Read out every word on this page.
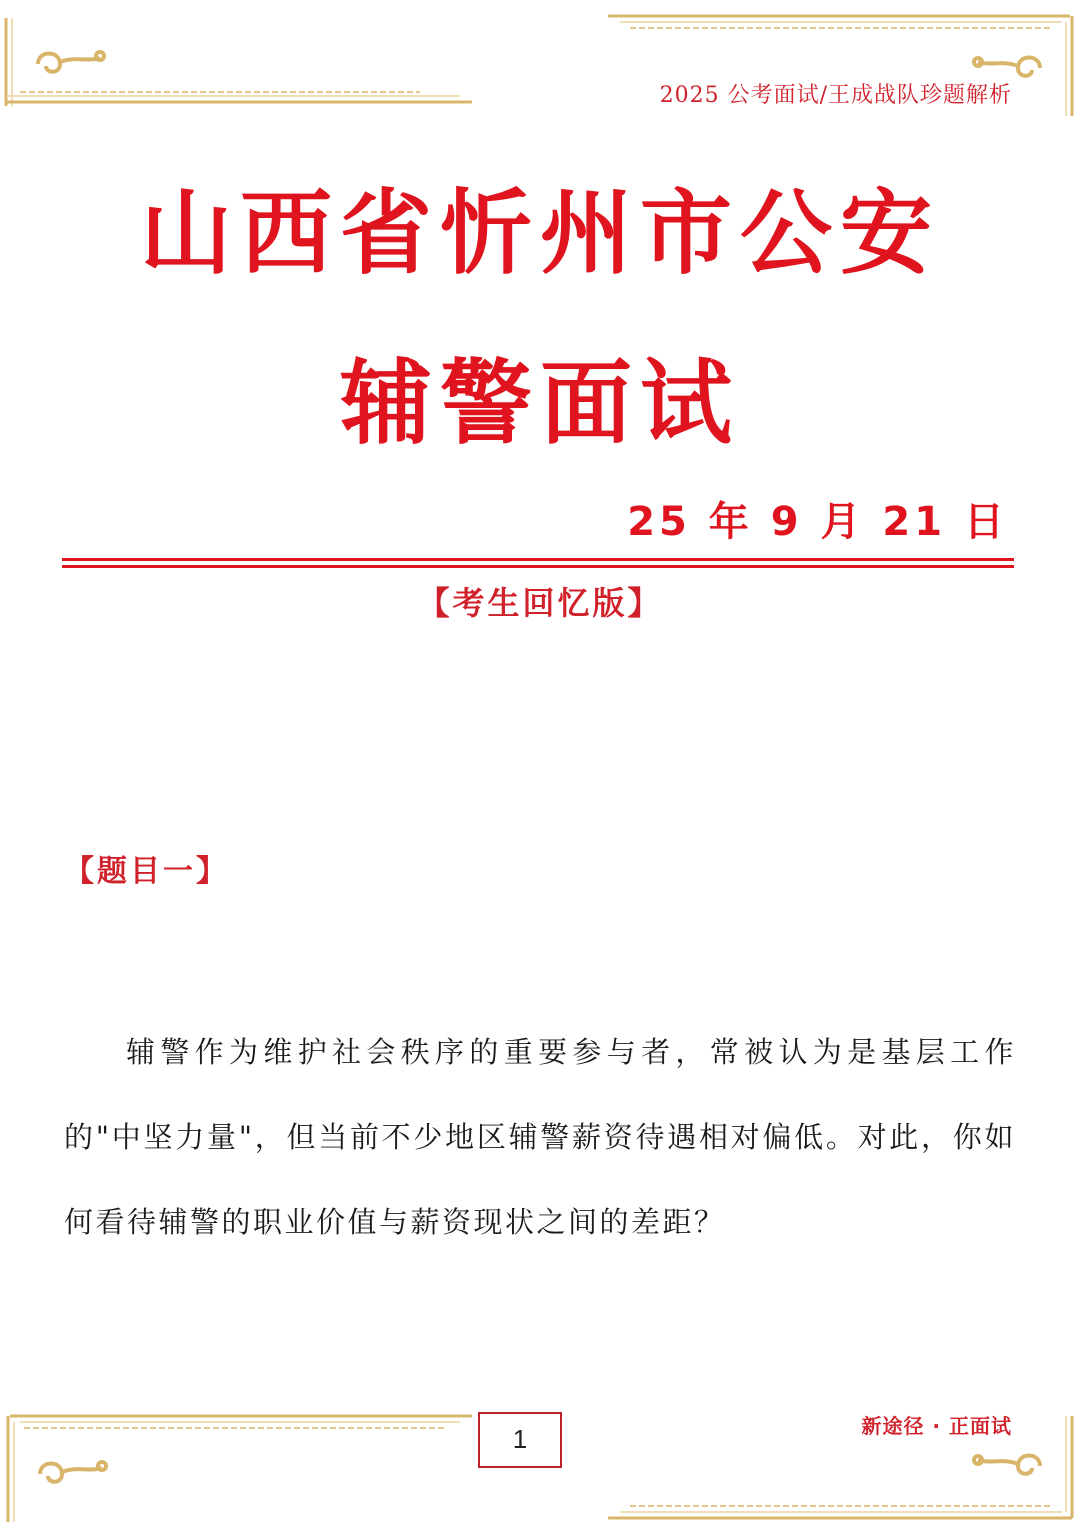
2025 公考面试/王成战队珍题解析
山西省忻州市公安
辅警面试
25 年 9 月 21 日
【考生回忆版】
【题目一】
辅警作为维护社会秩序的重要参与者，常被认为是基层工作的"中坚力量"，但当前不少地区辅警薪资待遇相对偏低。对此，你如何看待辅警的职业价值与薪资现状之间的差距？
1	新途径 · 正面试
